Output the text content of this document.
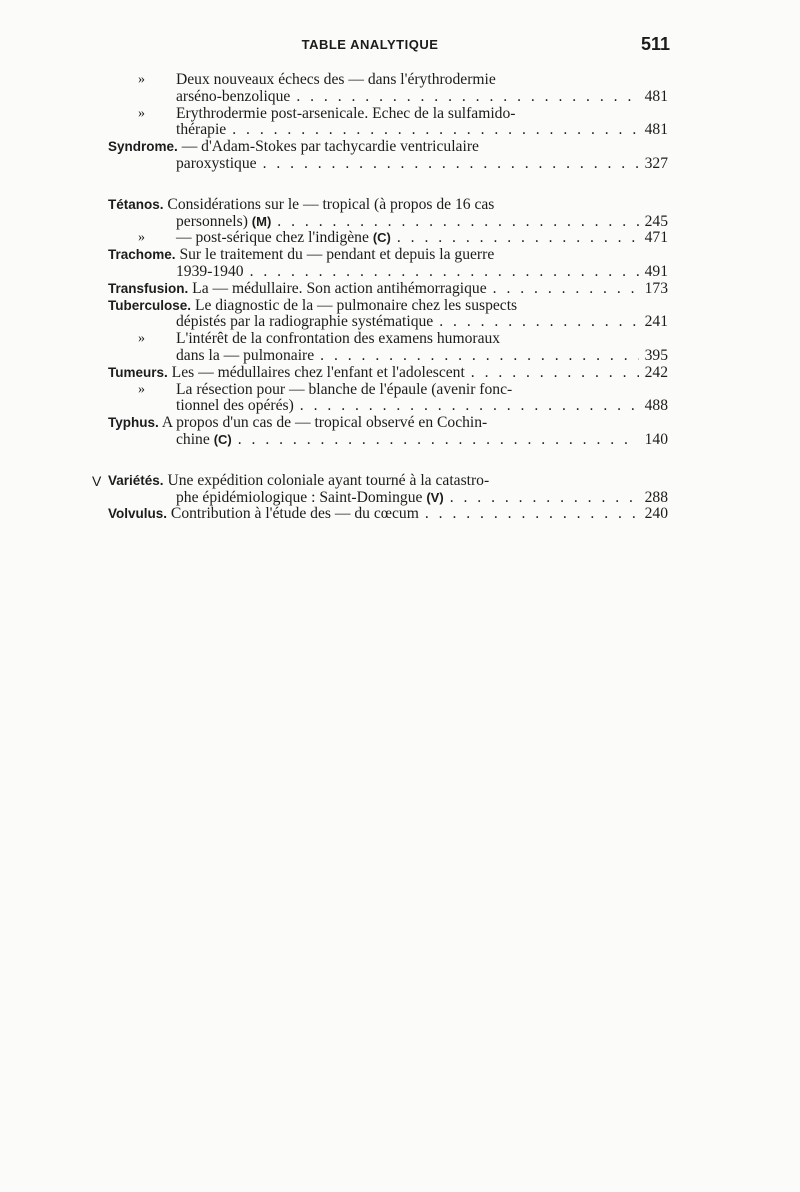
TABLE ANALYTIQUE	511
»	Deux nouveaux échecs des — dans l'érythrodermie
arséno-benzolique . . .	481
»	Erythrodermie post-arsenicale. Echec de la sulfamido-
thérapie . . .	481
Syndrome. — d'Adam-Stokes par tachycardie ventriculaire
paroxystique . . .	327
Tétanos. Considérations sur le — tropical (à propos de 16 cas
personnels) (M) . . .	245
» — post-sérique chez l'indigène (C) . . .	471
Trachome. Sur le traitement du — pendant et depuis la guerre
1939-1940 . . .	491
Transfusion. La — médullaire. Son action antihémorragique . . .	173
Tuberculose. Le diagnostic de la — pulmonaire chez les suspects
dépistés par la radiographie systématique . . .	241
»	L'intérêt de la confrontation des examens humoraux
dans la — pulmonaire . . .	395
Tumeurs. Les — médullaires chez l'enfant et l'adolescent . . .	242
»	La résection pour — blanche de l'épaule (avenir fonc-
tionnel des opérés) . . .	488
Typhus. A propos d'un cas de — tropical observé en Cochin-
chine (C) . . .	140
V Variétés. Une expédition coloniale ayant tourné à la catastro-
phe épidémiologique : Saint-Domingue (V) . . .	288
Volvulus. Contribution à l'étude des — du cœcum . . .	240
